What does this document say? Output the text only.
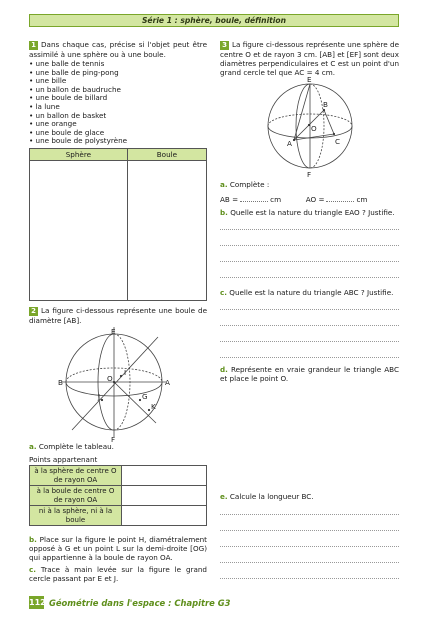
Série 1 : sphère, boule, définition
1 Dans chaque cas, précise si l'objet peut être assimilé à une sphère ou à une boule.
• une balle de tennis
• une balle de ping-pong
• une bille
• un ballon de baudruche
• une boule de billard
• la lune
• un ballon de basket
• une orange
• une boule de glace
• une boule de polystyrène
Sphère	Boule

2 La figure ci-dessous représente une boule de diamètre [AB].
E
F
B	A
O
I
J	G
K
a. Complète le tableau.
Points appartenant
à la sphère de centre O de rayon OA	
à la boule de centre O de rayon OA	
ni à la sphère, ni à la boule	
b. Place sur la figure le point H, diamétralement opposé à G et un point L sur la demi-droite [OG) qui appartienne à la boule de rayon OA.
c. Trace à main levée sur la figure le grand cercle passant par E et J.
3 La figure ci-dessous représente une sphère de centre O et de rayon 3 cm. [AB] et [EF] sont deux diamètres perpendiculaires et C est un point d'un grand cercle tel que AC = 4 cm.
E
F
A
B
C
O
a. Complète :
AB =	cm	AO =	cm
b. Quelle est la nature du triangle EAO ? Justifie.
c. Quelle est la nature du triangle ABC ? Justifie.
d. Représente en vraie grandeur le triangle ABC et place le point O.
e. Calcule la longueur BC.
112 Géométrie dans l'espace : Chapitre G3
